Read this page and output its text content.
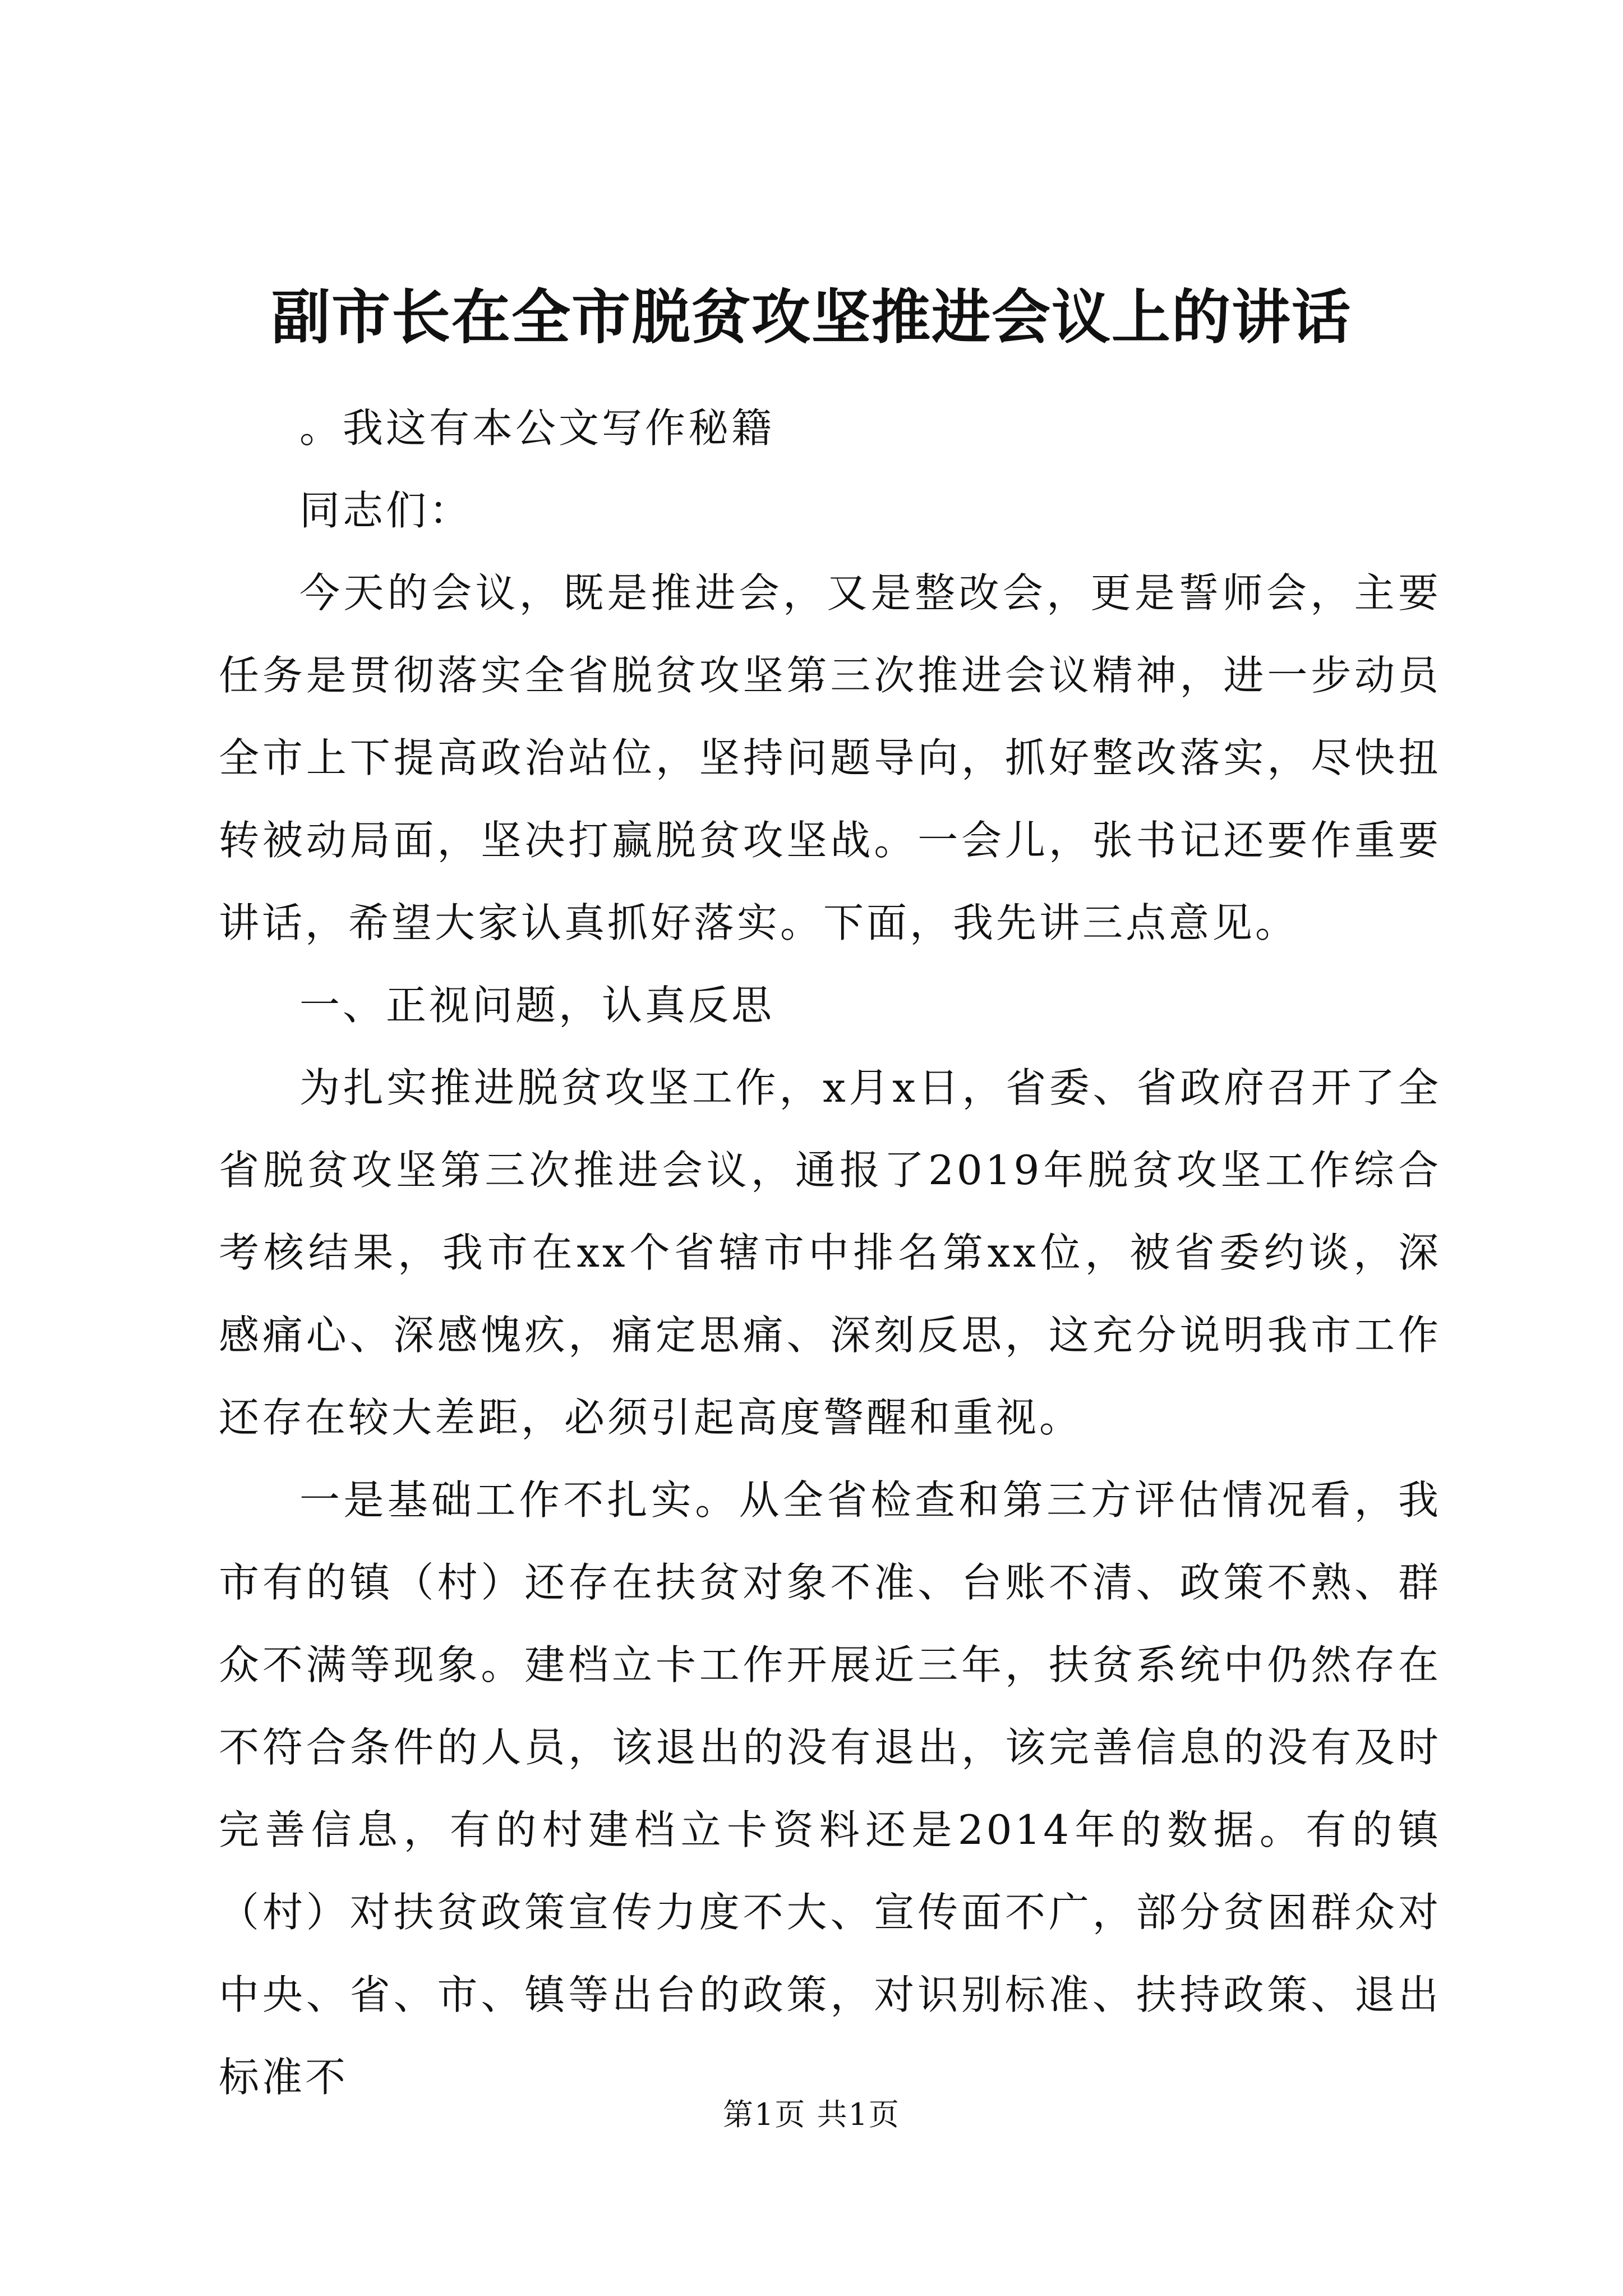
副市长在全市脱贫攻坚推进会议上的讲话

。我这有本公文写作秘籍

同志们：

今天的会议，既是推进会，又是整改会，更是誓师会，主要任务是贯彻落实全省脱贫攻坚第三次推进会议精神，进一步动员全市上下提高政治站位，坚持问题导向，抓好整改落实，尽快扭转被动局面，坚决打赢脱贫攻坚战。一会儿，张书记还要作重要讲话，希望大家认真抓好落实。下面，我先讲三点意见。

一、正视问题，认真反思

为扎实推进脱贫攻坚工作，x月x日，省委、省政府召开了全省脱贫攻坚第三次推进会议，通报了2019年脱贫攻坚工作综合考核结果，我市在xx个省辖市中排名第xx位，被省委约谈，深感痛心、深感愧疚，痛定思痛、深刻反思，这充分说明我市工作还存在较大差距，必须引起高度警醒和重视。

一是基础工作不扎实。从全省检查和第三方评估情况看，我市有的镇（村）还存在扶贫对象不准、台账不清、政策不熟、群众不满等现象。建档立卡工作开展近三年，扶贫系统中仍然存在不符合条件的人员，该退出的没有退出，该完善信息的没有及时完善信息，有的村建档立卡资料还是2014年的数据。有的镇（村）对扶贫政策宣传力度不大、宣传面不广，部分贫困群众对中央、省、市、镇等出台的政策，对识别标准、扶持政策、退出标准不

第1页 共1页
